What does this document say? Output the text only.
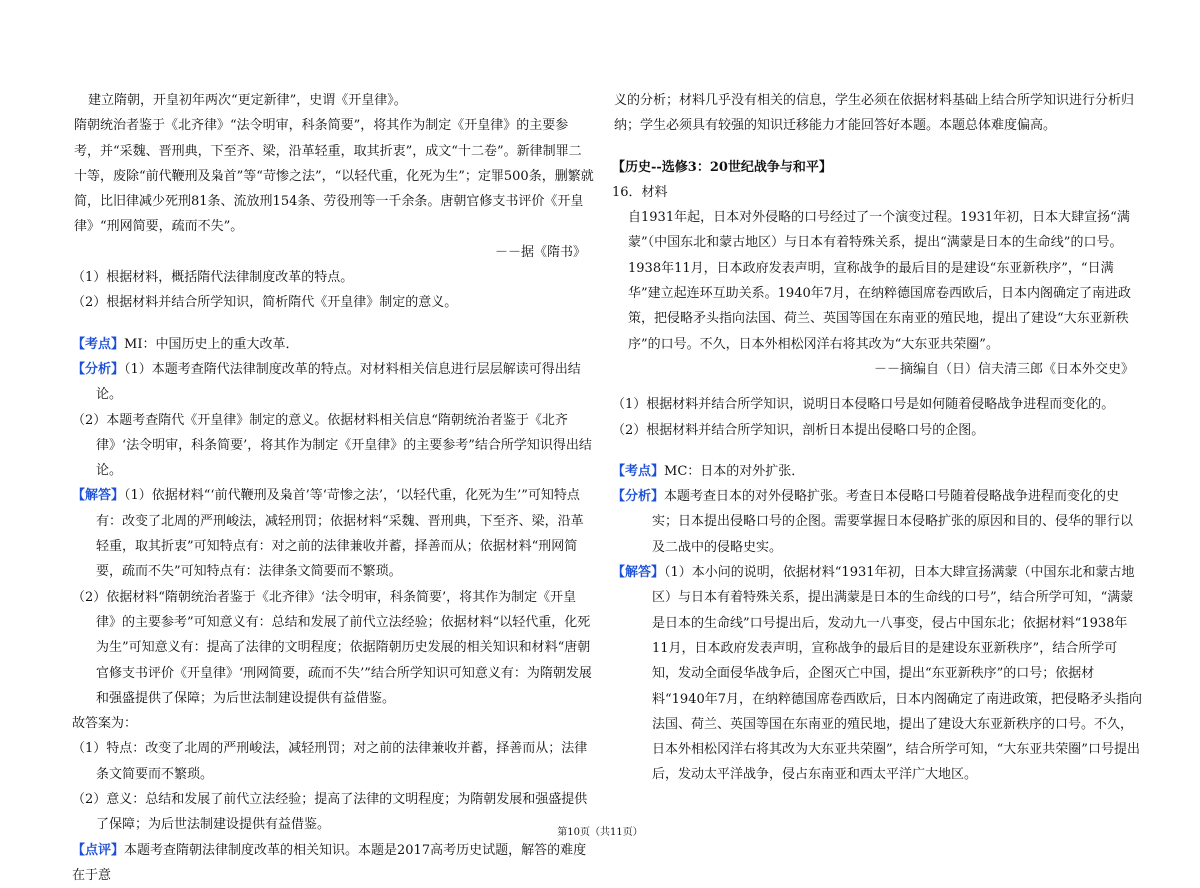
建立隋朝，开皇初年两次“更定新律”，史谓《开皇律》。

隋朝统治者鉴于《北齐律》“法令明审，科条简要”，将其作为制定《开皇律》的主要参考，并“采魏、晋刑典，下至齐、梁，沿革轻重，取其折衷”，成文“十二卷”。新律制罪二十等，废除“前代鞭刑及枭首”等“苛惨之法”，“以轻代重，化死为生”；定罪500条，删繁就简，比旧律减少死刑81条、流放刑154条、劳役刑等一千余条。唐朝官修支书评价《开皇律》“刑网简要，疏而不失”。

－－据《隋书》

（1）根据材料，概括隋代法律制度改革的特点。

（2）根据材料并结合所学知识，简析隋代《开皇律》制定的意义。

【考点】MI：中国历史上的重大改革．

【分析】（1）本题考查隋代法律制度改革的特点。对材料相关信息进行层层解读可得出结论。

（2）本题考查隋代《开皇律》制定的意义。依据材料相关信息“隋朝统治者鉴于《北齐律》‘法令明审，科条简要’，将其作为制定《开皇律》的主要参考”结合所学知识得出结论。

【解答】（1）依据材料“‘前代鞭刑及枭首’等‘苛惨之法’，‘以轻代重，化死为生’”可知特点有：改变了北周的严刑峻法，减轻刑罚；依据材料“采魏、晋刑典，下至齐、梁，沿革轻重，取其折衷”可知特点有：对之前的法律兼收并蓄，择善而从；依据材料“刑网简要，疏而不失”可知特点有：法律条文简要而不繁琐。

（2）依据材料“隋朝统治者鉴于《北齐律》‘法令明审，科条简要’，将其作为制定《开皇律》的主要参考”可知意义有：总结和发展了前代立法经验；依据材料“以轻代重，化死为生”可知意义有：提高了法律的文明程度；依据隋朝历史发展的相关知识和材料“唐朝官修支书评价《开皇律》‘刑网简要，疏而不失’”结合所学知识可知意义有：为隋朝发展和强盛提供了保障；为后世法制建设提供有益借鉴。

故答案为：

（1）特点：改变了北周的严刑峻法，减轻刑罚；对之前的法律兼收并蓄，择善而从；法律条文简要而不繁琐。

（2）意义：总结和发展了前代立法经验；提高了法律的文明程度；为隋朝发展和强盛提供了保障；为后世法制建设提供有益借鉴。

【点评】本题考查隋朝法律制度改革的相关知识。本题是2017高考历史试题，解答的难度在于意

义的分析；材料几乎没有相关的信息，学生必须在依据材料基础上结合所学知识进行分析归纳；学生必须具有较强的知识迁移能力才能回答好本题。本题总体难度偏高。

【历史--选修3：20世纪战争与和平】

16．材料

自1931年起，日本对外侵略的口号经过了一个演变过程。1931年初，日本大肆宣扬“满蒙”（中国东北和蒙古地区）与日本有着特殊关系，提出“满蒙是日本的生命线”的口号。1938年11月，日本政府发表声明，宣称战争的最后目的是建设“东亚新秩序”，“日满华”建立起连环互助关系。1940年7月，在纳粹德国席卷西欧后，日本内阁确定了南进政策，把侵略矛头指向法国、荷兰、英国等国在东南亚的殖民地，提出了建设“大东亚新秩序”的口号。不久，日本外相松冈洋右将其改为“大东亚共荣圈”。

－－摘编自（日）信夫清三郎《日本外交史》

（1）根据材料并结合所学知识，说明日本侵略口号是如何随着侵略战争进程而变化的。

（2）根据材料并结合所学知识，剖析日本提出侵略口号的企图。

【考点】MC：日本的对外扩张．

【分析】本题考查日本的对外侵略扩张。考查日本侵略口号随着侵略战争进程而变化的史实；日本提出侵略口号的企图。需要掌握日本侵略扩张的原因和目的、侵华的罪行以及二战中的侵略史实。

【解答】（1）本小问的说明，依据材料“1931年初，日本大肆宣扬满蒙（中国东北和蒙古地区）与日本有着特殊关系，提出满蒙是日本的生命线的口号”，结合所学可知，“满蒙是日本的生命线”口号提出后，发动九一八事变，侵占中国东北；依据材料“1938年11月，日本政府发表声明，宣称战争的最后目的是建设东亚新秩序”，结合所学可知，发动全面侵华战争后，企图灭亡中国，提出“东亚新秩序”的口号；依据材料“1940年7月，在纳粹德国席卷西欧后，日本内阁确定了南进政策，把侵略矛头指向法国、荷兰、英国等国在东南亚的殖民地，提出了建设大东亚新秩序的口号。不久，日本外相松冈洋右将其改为大东亚共荣圈”，结合所学可知，“大东亚共荣圈”口号提出后，发动太平洋战争，侵占东南亚和西太平洋广大地区。

第10页（共11页）
